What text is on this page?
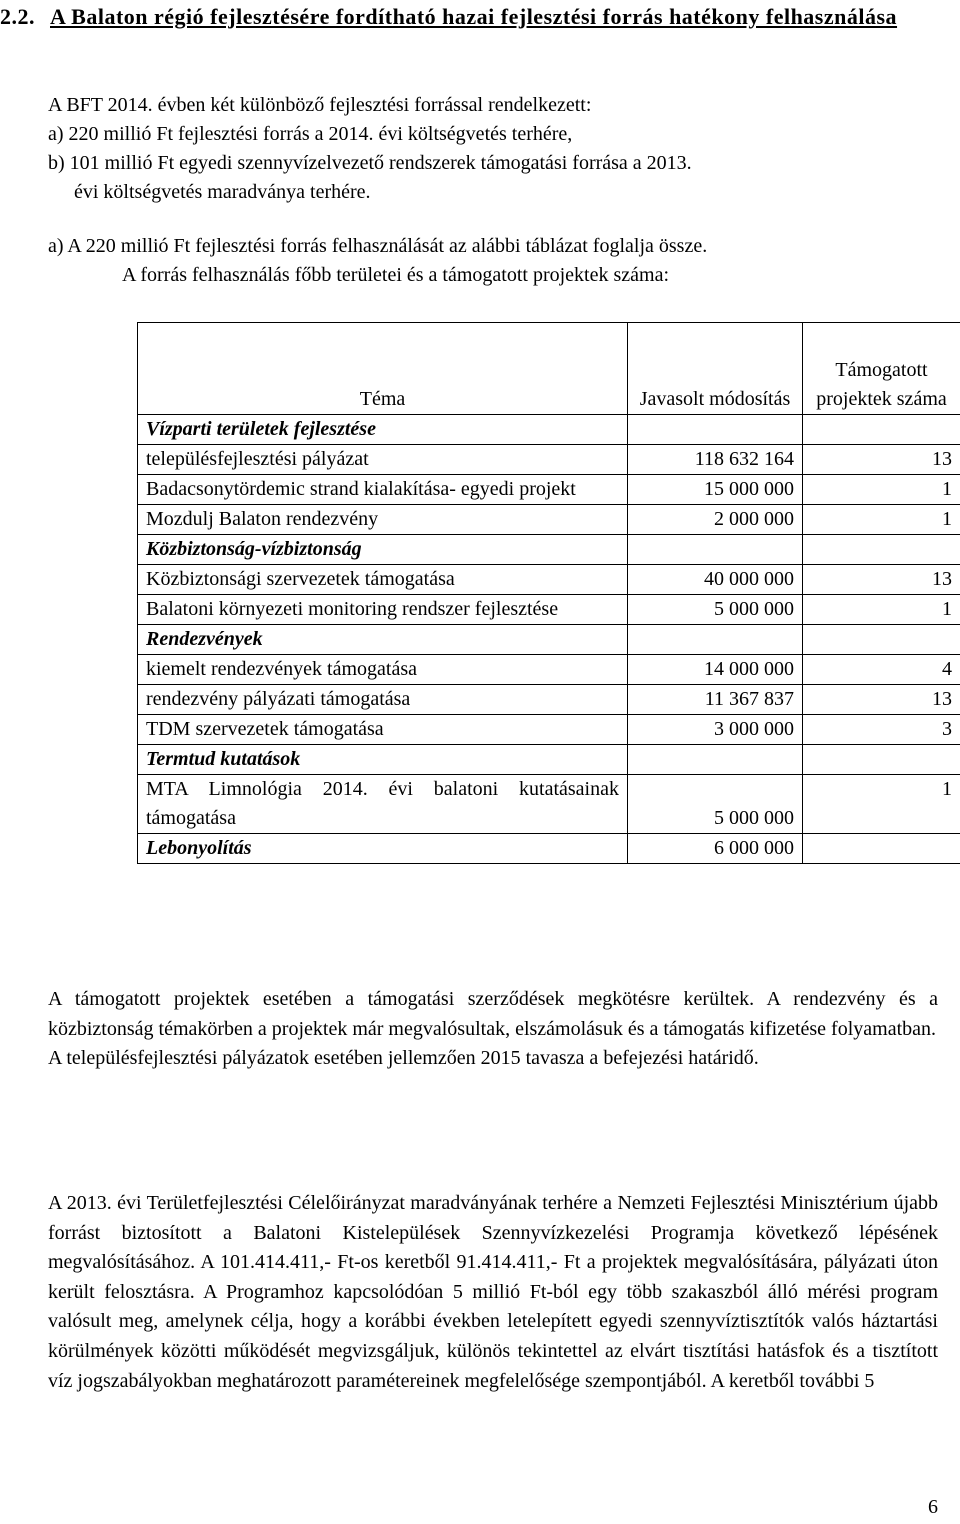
2.2. A Balaton régió fejlesztésére fordítható hazai fejlesztési forrás hatékony felhasználása
A BFT 2014. évben két különböző fejlesztési forrással rendelkezett:
a) 220 millió Ft fejlesztési forrás a 2014. évi költségvetés terhére,
b) 101 millió Ft egyedi szennyvízelvezető rendszerek támogatási forrása a 2013.
évi költségvetés maradványa terhére.
a) A 220 millió Ft fejlesztési forrás felhasználását az alábbi táblázat foglalja össze.
A forrás felhasználás főbb területei és a támogatott projektek száma:
Téma	Javasolt módosítás	Támogatott projektek száma
Vízparti területek fejlesztése		
településfejlesztési pályázat	118 632 164	13
Badacsonytördemic strand kialakítása- egyedi projekt	15 000 000	1
Mozdulj Balaton rendezvény	2 000 000	1
Közbiztonság-vízbiztonság		
Közbiztonsági szervezetek támogatása	40 000 000	13
Balatoni környezeti monitoring rendszer fejlesztése	5 000 000	1
Rendezvények		
kiemelt rendezvények támogatása	14 000 000	4
rendezvény pályázati támogatása	11 367 837	13
TDM szervezetek támogatása	3 000 000	3
Termtud kutatások		
MTA Limnológia 2014. évi balatoni kutatásainak támogatása	5 000 000	1
Lebonyolítás	6 000 000	
A támogatott projektek esetében a támogatási szerződések megkötésre kerültek. A rendezvény és a közbiztonság témakörben a projektek már megvalósultak, elszámolásuk és a támogatás kifizetése folyamatban.
A településfejlesztési pályázatok esetében jellemzően 2015 tavasza a befejezési határidő.
A 2013. évi Területfejlesztési Célelőirányzat maradványának terhére a Nemzeti Fejlesztési Minisztérium újabb forrást biztosított a Balatoni Kistelepülések Szennyvízkezelési Programja következő lépésének megvalósításához. A 101.414.411,- Ft-os keretből 91.414.411,- Ft a projektek megvalósítására, pályázati úton került felosztásra. A Programhoz kapcsolódóan 5 millió Ft-ból egy több szakaszból álló mérési program valósult meg, amelynek célja, hogy a korábbi években letelepített egyedi szennyvíztisztítók valós háztartási körülmények közötti működését megvizsgáljuk, különös tekintettel az elvárt tisztítási hatásfok és a tisztított víz jogszabályokban meghatározott paramétereinek megfelelősége szempontjából. A keretből további 5
6
